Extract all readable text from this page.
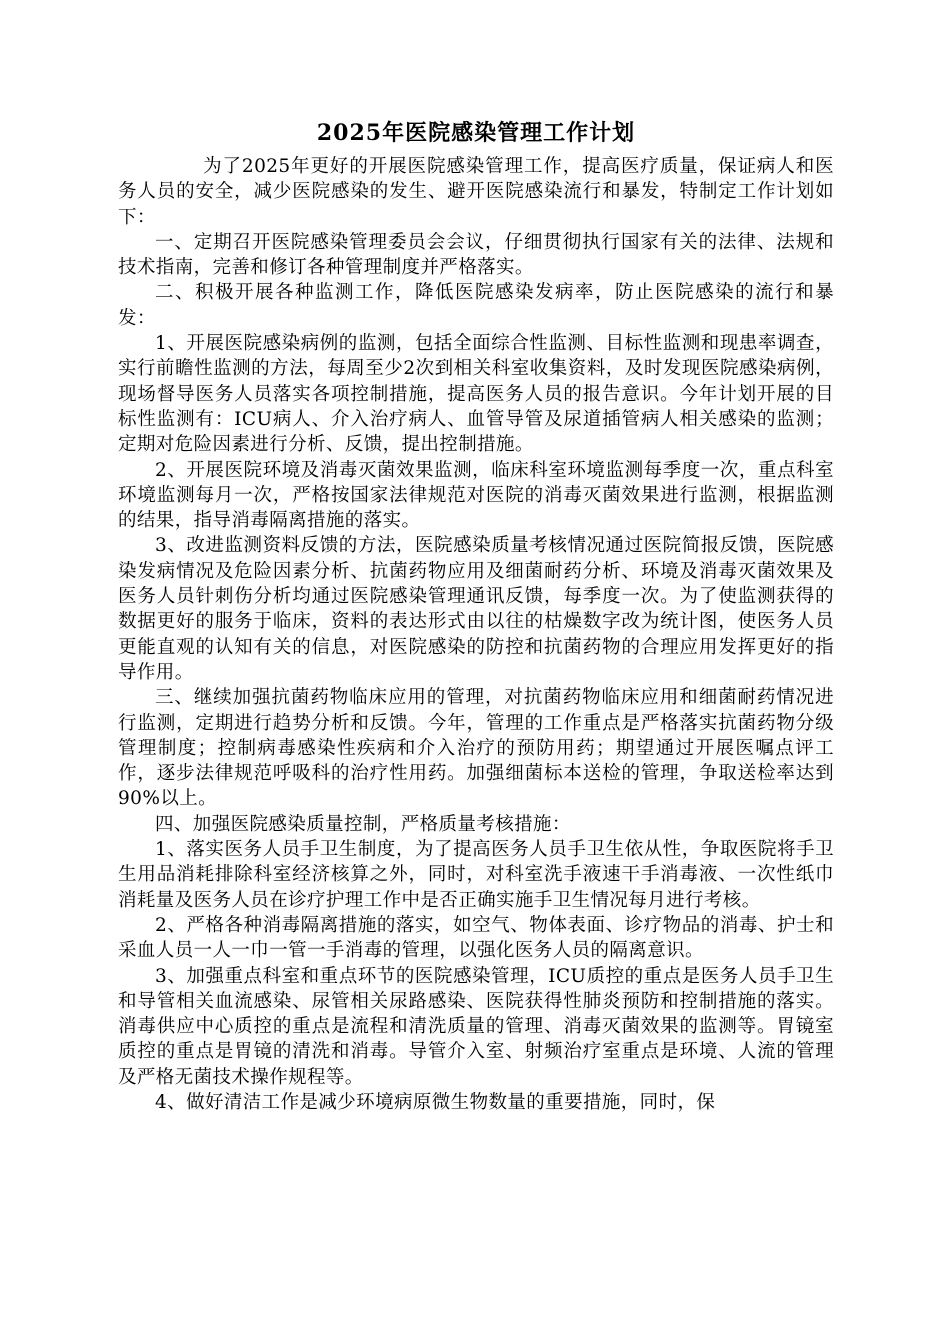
2025年医院感染管理工作计划

为了2025年更好的开展医院感染管理工作，提高医疗质量，保证病人和医务人员的安全，减少医院感染的发生、避开医院感染流行和暴发，特制定工作计划如下：

一、定期召开医院感染管理委员会会议，仔细贯彻执行国家有关的法律、法规和技术指南，完善和修订各种管理制度并严格落实。

二、积极开展各种监测工作，降低医院感染发病率，防止医院感染的流行和暴发：

1、开展医院感染病例的监测，包括全面综合性监测、目标性监测和现患率调查，实行前瞻性监测的方法，每周至少2次到相关科室收集资料，及时发现医院感染病例，现场督导医务人员落实各项控制措施，提高医务人员的报告意识。今年计划开展的目标性监测有：ICU病人、介入治疗病人、血管导管及尿道插管病人相关感染的监测；定期对危险因素进行分析、反馈，提出控制措施。

2、开展医院环境及消毒灭菌效果监测，临床科室环境监测每季度一次，重点科室环境监测每月一次，严格按国家法律规范对医院的消毒灭菌效果进行监测，根据监测的结果，指导消毒隔离措施的落实。

3、改进监测资料反馈的方法，医院感染质量考核情况通过医院简报反馈，医院感染发病情况及危险因素分析、抗菌药物应用及细菌耐药分析、环境及消毒灭菌效果及医务人员针刺伤分析均通过医院感染管理通讯反馈，每季度一次。为了使监测获得的数据更好的服务于临床，资料的表达形式由以往的枯燥数字改为统计图，使医务人员更能直观的认知有关的信息，对医院感染的防控和抗菌药物的合理应用发挥更好的指导作用。

三、继续加强抗菌药物临床应用的管理，对抗菌药物临床应用和细菌耐药情况进行监测，定期进行趋势分析和反馈。今年，管理的工作重点是严格落实抗菌药物分级管理制度；控制病毒感染性疾病和介入治疗的预防用药；期望通过开展医嘱点评工作，逐步法律规范呼吸科的治疗性用药。加强细菌标本送检的管理，争取送检率达到90%以上。

四、加强医院感染质量控制，严格质量考核措施：

1、落实医务人员手卫生制度，为了提高医务人员手卫生依从性，争取医院将手卫生用品消耗排除科室经济核算之外，同时，对科室洗手液速干手消毒液、一次性纸巾消耗量及医务人员在诊疗护理工作中是否正确实施手卫生情况每月进行考核。

2、严格各种消毒隔离措施的落实，如空气、物体表面、诊疗物品的消毒、护士和采血人员一人一巾一管一手消毒的管理，以强化医务人员的隔离意识。

3、加强重点科室和重点环节的医院感染管理，ICU质控的重点是医务人员手卫生和导管相关血流感染、尿管相关尿路感染、医院获得性肺炎预防和控制措施的落实。消毒供应中心质控的重点是流程和清洗质量的管理、消毒灭菌效果的监测等。胃镜室质控的重点是胃镜的清洗和消毒。导管介入室、射频治疗室重点是环境、人流的管理及严格无菌技术操作规程等。

4、做好清洁工作是减少环境病原微生物数量的重要措施，同时，保
